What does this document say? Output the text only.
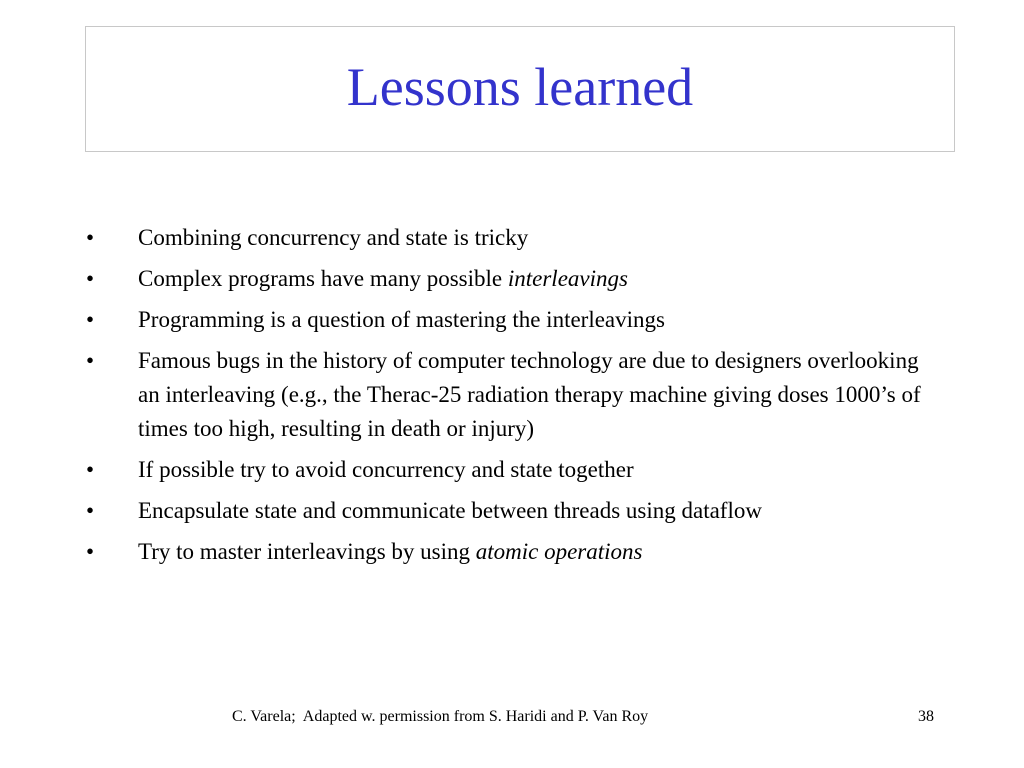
Lessons learned
• Combining concurrency and state is tricky
• Complex programs have many possible interleavings
• Programming is a question of mastering the interleavings
• Famous bugs in the history of computer technology are due to designers overlooking an interleaving (e.g., the Therac-25 radiation therapy machine giving doses 1000’s of times too high, resulting in death or injury)
• If possible try to avoid concurrency and state together
• Encapsulate state and communicate between threads using dataflow
• Try to master interleavings by using atomic operations

C. Varela;  Adapted w. permission from S. Haridi and P. Van Roy

	38
